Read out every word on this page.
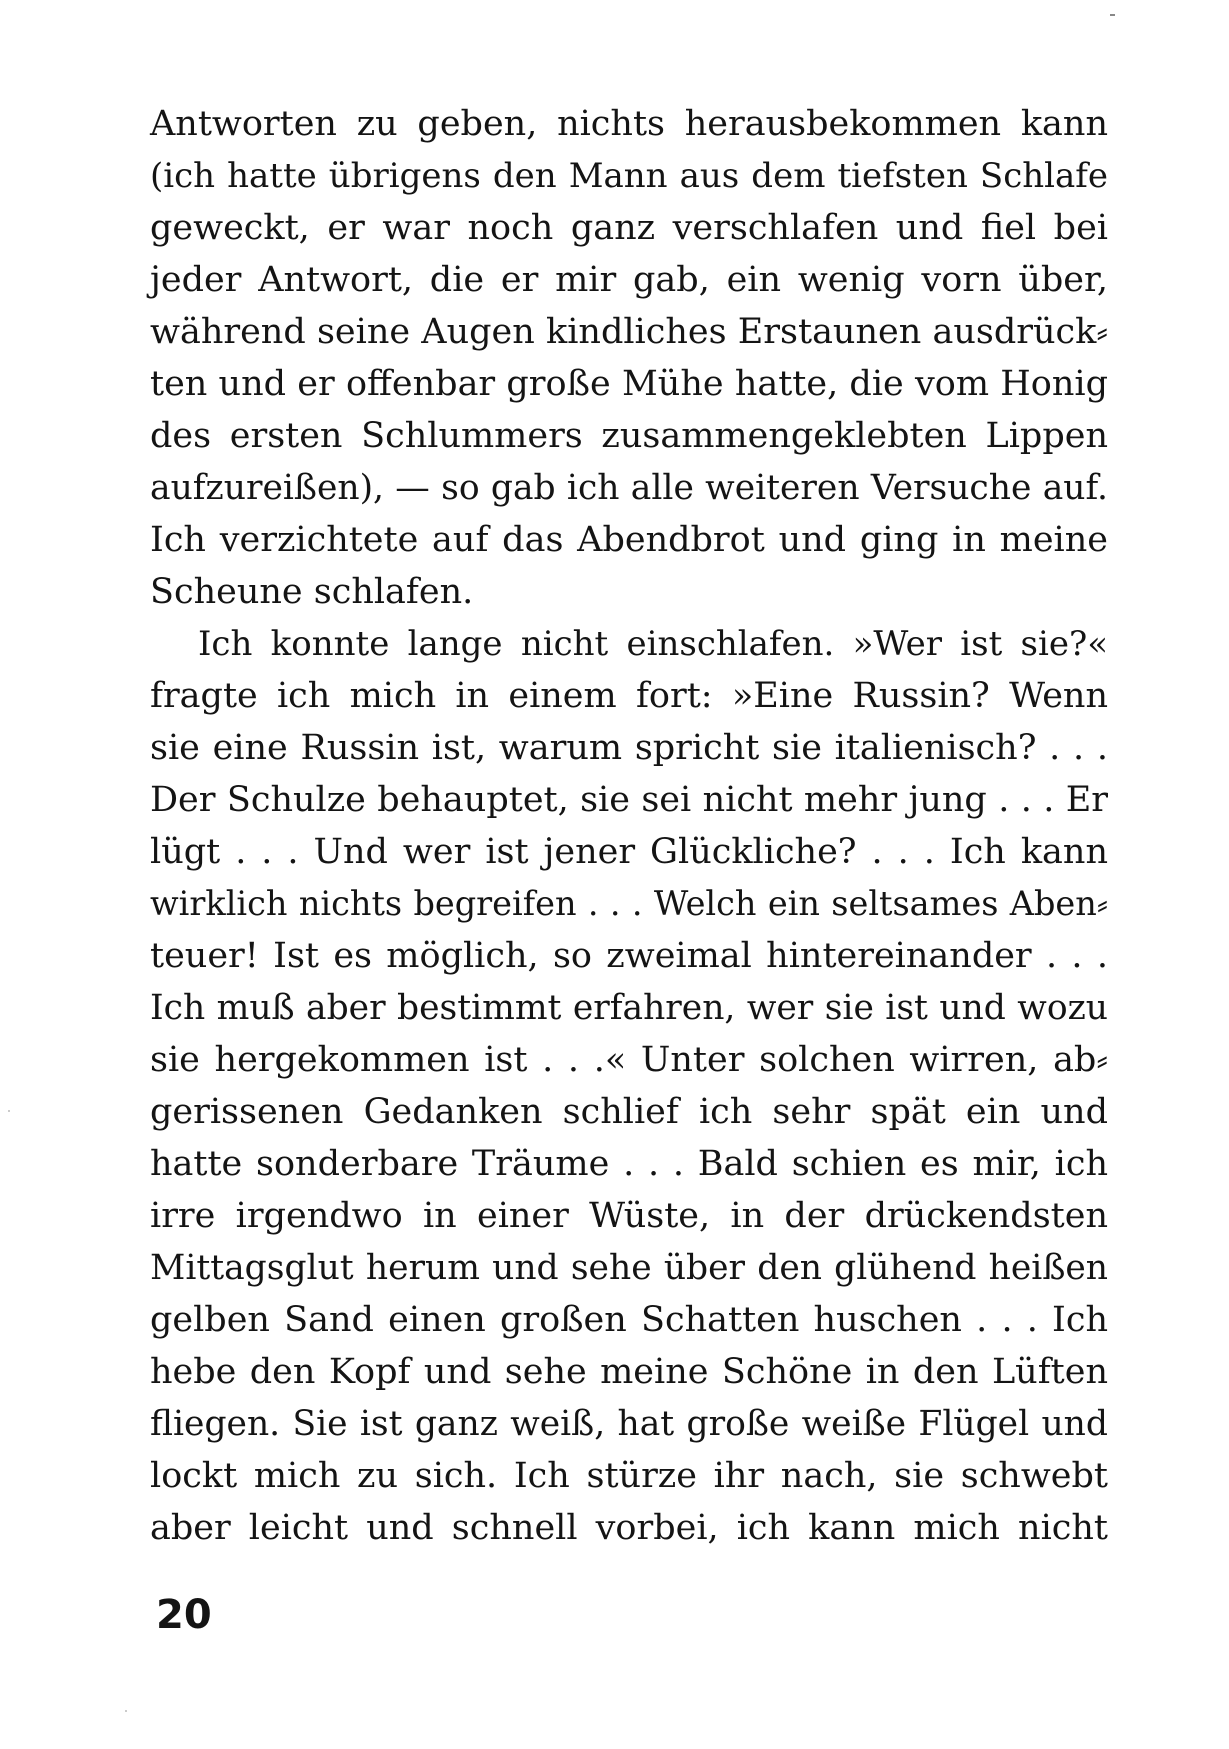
Antworten zu geben, nichts herausbekommen kann
(ich hatte übrigens den Mann aus dem tiefsten Schlafe
geweckt, er war noch ganz verschlafen und fiel bei
jeder Antwort, die er mir gab, ein wenig vorn über,
während seine Augen kindliches Erstaunen ausdrück⸗
ten und er offenbar große Mühe hatte, die vom Honig
des ersten Schlummers zusammengeklebten Lippen
aufzureißen), — so gab ich alle weiteren Versuche auf.
Ich verzichtete auf das Abendbrot und ging in meine
Scheune schlafen.
Ich konnte lange nicht einschlafen. »Wer ist sie?«
fragte ich mich in einem fort: »Eine Russin? Wenn
sie eine Russin ist, warum spricht sie italienisch? . . .
Der Schulze behauptet, sie sei nicht mehr jung . . . Er
lügt . . . Und wer ist jener Glückliche? . . . Ich kann
wirklich nichts begreifen . . . Welch ein seltsames Aben⸗
teuer! Ist es möglich, so zweimal hintereinander . . .
Ich muß aber bestimmt erfahren, wer sie ist und wozu
sie hergekommen ist . . .« Unter solchen wirren, ab⸗
gerissenen Gedanken schlief ich sehr spät ein und
hatte sonderbare Träume . . . Bald schien es mir, ich
irre irgendwo in einer Wüste, in der drückendsten
Mittagsglut herum und sehe über den glühend heißen
gelben Sand einen großen Schatten huschen . . . Ich
hebe den Kopf und sehe meine Schöne in den Lüften
fliegen. Sie ist ganz weiß, hat große weiße Flügel und
lockt mich zu sich. Ich stürze ihr nach, sie schwebt
aber leicht und schnell vorbei, ich kann mich nicht
20
